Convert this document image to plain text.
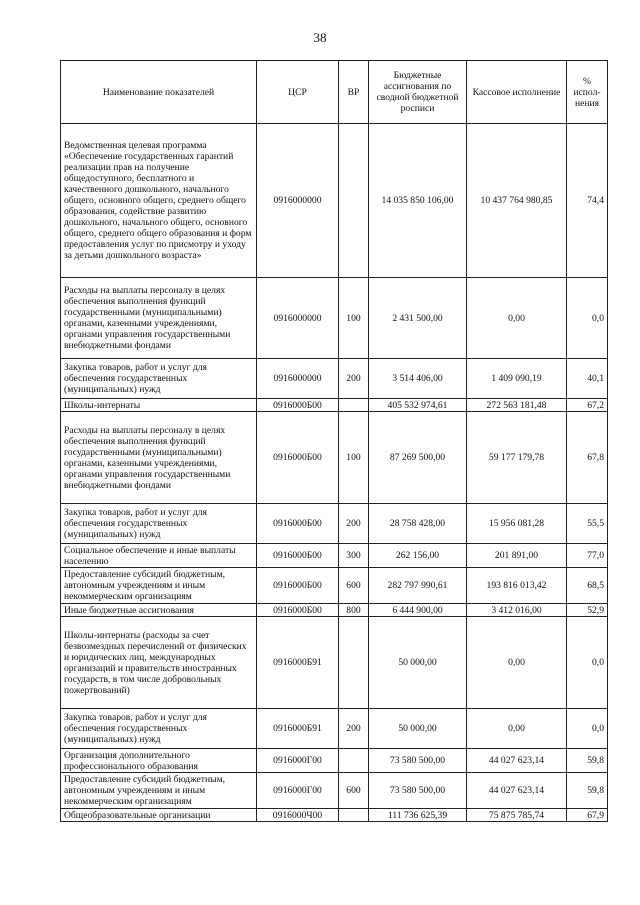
38
Наименование показателей	ЦСР	ВР	Бюджетные ассигнования по сводной бюджетной росписи	Кассовое исполнение	% испол-нения
Ведомственная целевая программа «Обеспечение государственных гарантий реализации прав на получение общедоступного, бесплатного и качественного дошкольного, начального общего, основного общего, среднего общего образования, содействие развитию дошкольного, начального общего, основного общего, среднего общего образования и форм предоставления услуг по присмотру и уходу за детьми дошкольного возраста»	0916000000		14 035 850 106,00	10 437 764 980,85	74,4
Расходы на выплаты персоналу в целях обеспечения выполнения функций государственными (муниципальными) органами, казенными учреждениями, органами управления государственными внебюджетными фондами	0916000000	100	2 431 500,00	0,00	0,0
Закупка товаров, работ и услуг для обеспечения государственных (муниципальных) нужд	0916000000	200	3 514 406,00	1 409 090,19	40,1
Школы-интернаты	0916000Б00		405 532 974,61	272 563 181,48	67,2
Расходы на выплаты персоналу в целях обеспечения выполнения функций государственными (муниципальными) органами, казенными учреждениями, органами управления государственными внебюджетными фондами	0916000Б00	100	87 269 500,00	59 177 179,78	67,8
Закупка товаров, работ и услуг для обеспечения государственных (муниципальных) нужд	0916000Б00	200	28 758 428,00	15 956 081,28	55,5
Социальное обеспечение и иные выплаты населению	0916000Б00	300	262 156,00	201 891,00	77,0
Предоставление субсидий бюджетным, автономным учреждениям и иным некоммерческим организациям	0916000Б00	600	282 797 990,61	193 816 013,42	68,5
Иные бюджетные ассигнования	0916000Б00	800	6 444 900,00	3 412 016,00	52,9
Школы-интернаты (расходы за счет безвозмездных перечислений от физических и юридических лиц, международных организаций и правительств иностранных государств, в том числе добровольных пожертвований)	0916000Б91		50 000,00	0,00	0,0
Закупка товаров, работ и услуг для обеспечения государственных (муниципальных) нужд	0916000Б91	200	50 000,00	0,00	0,0
Организация дополнительного профессионального образования	0916000Г00		73 580 500,00	44 027 623,14	59,8
Предоставление субсидий бюджетным, автономным учреждениям и иным некоммерческим организациям	0916000Г00	600	73 580 500,00	44 027 623,14	59,8
Общеобразовательные организации	0916000Ч00		111 736 625,39	75 875 785,74	67,9
